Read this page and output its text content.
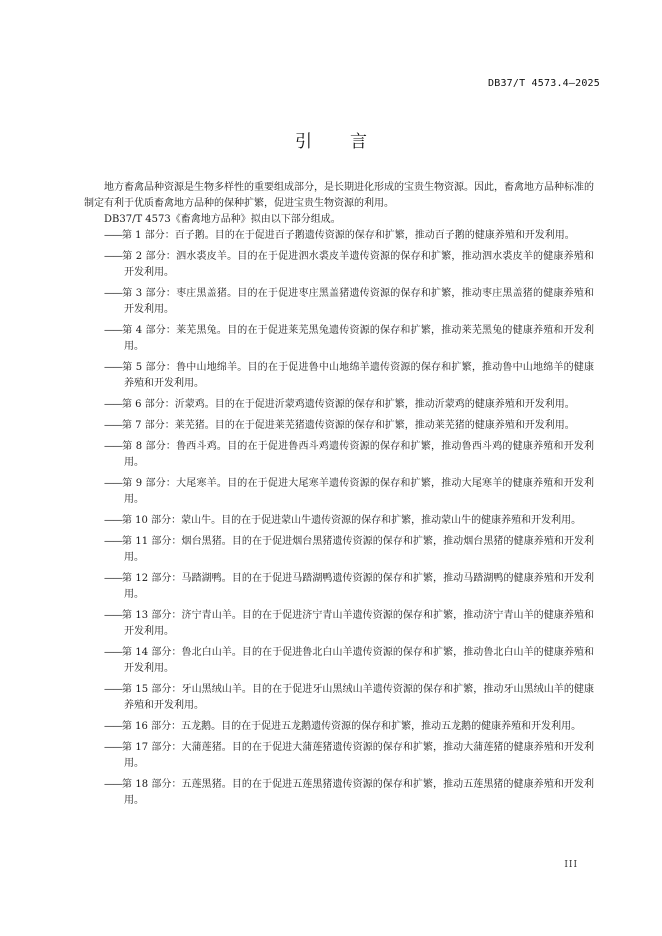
DB37/T 4573.4—2025
引言

地方畜禽品种资源是生物多样性的重要组成部分，是长期进化形成的宝贵生物资源。因此，畜禽地方品种标准的制定有利于优质畜禽地方品种的保种扩繁，促进宝贵生物资源的利用。

DB37/T 4573《畜禽地方品种》拟由以下部分组成。

——第 1 部分：百子鹅。目的在于促进百子鹅遗传资源的保存和扩繁，推动百子鹅的健康养殖和开发利用。

——第 2 部分：泗水裘皮羊。目的在于促进泗水裘皮羊遗传资源的保存和扩繁，推动泗水裘皮羊的健康养殖和开发利用。

——第 3 部分：枣庄黑盖猪。目的在于促进枣庄黑盖猪遗传资源的保存和扩繁，推动枣庄黑盖猪的健康养殖和开发利用。

——第 4 部分：莱芜黑兔。目的在于促进莱芜黑兔遗传资源的保存和扩繁，推动莱芜黑兔的健康养殖和开发利用。

——第 5 部分：鲁中山地绵羊。目的在于促进鲁中山地绵羊遗传资源的保存和扩繁，推动鲁中山地绵羊的健康养殖和开发利用。

——第 6 部分：沂蒙鸡。目的在于促进沂蒙鸡遗传资源的保存和扩繁，推动沂蒙鸡的健康养殖和开发利用。

——第 7 部分：莱芜猪。目的在于促进莱芜猪遗传资源的保存和扩繁，推动莱芜猪的健康养殖和开发利用。

——第 8 部分：鲁西斗鸡。目的在于促进鲁西斗鸡遗传资源的保存和扩繁，推动鲁西斗鸡的健康养殖和开发利用。

——第 9 部分：大尾寒羊。目的在于促进大尾寒羊遗传资源的保存和扩繁，推动大尾寒羊的健康养殖和开发利用。

——第 10 部分：蒙山牛。目的在于促进蒙山牛遗传资源的保存和扩繁，推动蒙山牛的健康养殖和开发利用。

——第 11 部分：烟台黑猪。目的在于促进烟台黑猪遗传资源的保存和扩繁，推动烟台黑猪的健康养殖和开发利用。

——第 12 部分：马踏湖鸭。目的在于促进马踏湖鸭遗传资源的保存和扩繁，推动马踏湖鸭的健康养殖和开发利用。

——第 13 部分：济宁青山羊。目的在于促进济宁青山羊遗传资源的保存和扩繁，推动济宁青山羊的健康养殖和开发利用。

——第 14 部分：鲁北白山羊。目的在于促进鲁北白山羊遗传资源的保存和扩繁，推动鲁北白山羊的健康养殖和开发利用。

——第 15 部分：牙山黑绒山羊。目的在于促进牙山黑绒山羊遗传资源的保存和扩繁，推动牙山黑绒山羊的健康养殖和开发利用。

——第 16 部分：五龙鹅。目的在于促进五龙鹅遗传资源的保存和扩繁，推动五龙鹅的健康养殖和开发利用。

——第 17 部分：大蒲莲猪。目的在于促进大蒲莲猪遗传资源的保存和扩繁，推动大蒲莲猪的健康养殖和开发利用。

——第 18 部分：五莲黑猪。目的在于促进五莲黑猪遗传资源的保存和扩繁，推动五莲黑猪的健康养殖和开发利用。

III
